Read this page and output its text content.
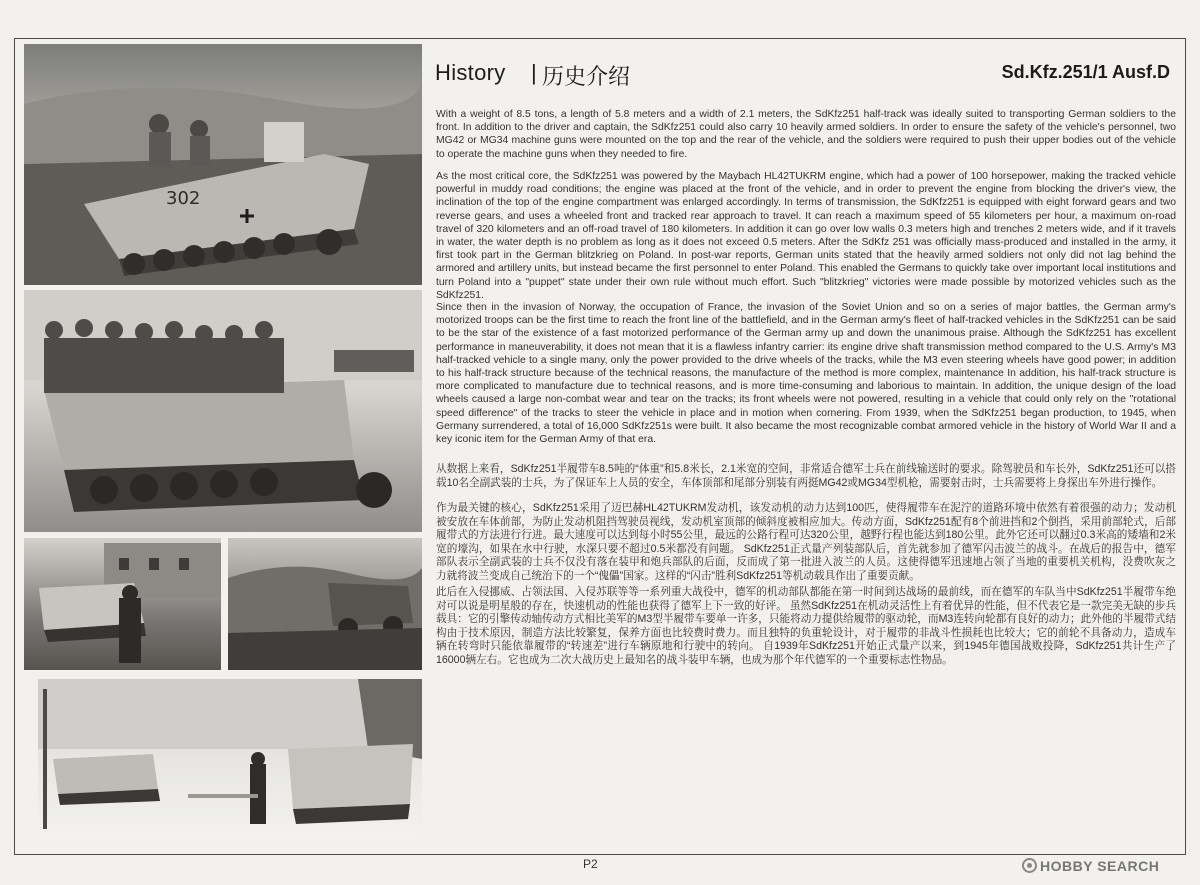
302
History | 历史介绍	Sd.Kfz.251/1 Ausf.D

With a weight of 8.5 tons, a length of 5.8 meters and a width of 2.1 meters, the SdKfz251 half-track was ideally suited to transporting German soldiers to the front. In addition to the driver and captain, the SdKfz251 could also carry 10 heavily armed soldiers. In order to ensure the safety of the vehicle's personnel, two MG42 or MG34 machine guns were mounted on the top and the rear of the vehicle, and the soldiers were required to push their upper bodies out of the vehicle to operate the machine guns when they needed to fire.

As the most critical core, the SdKfz251 was powered by the Maybach HL42TUKRM engine, which had a power of 100 horsepower, making the tracked vehicle powerful in muddy road conditions; the engine was placed at the front of the vehicle, and in order to prevent the engine from blocking the driver's view, the inclination of the top of the engine compartment was enlarged accordingly. In terms of transmission, the SdKfz251 is equipped with eight forward gears and two reverse gears, and uses a wheeled front and tracked rear approach to travel. It can reach a maximum speed of 55 kilometers per hour, a maximum on-road travel of 320 kilometers and an off-road travel of 180 kilometers. In addition it can go over low walls 0.3 meters high and trenches 2 meters wide, and if it travels in water, the water depth is no problem as long as it does not exceed 0.5 meters. After the SdKfz 251 was officially mass-produced and installed in the army, it first took part in the German blitzkrieg on Poland. In post-war reports, German units stated that the heavily armed soldiers not only did not lag behind the armored and artillery units, but instead became the first personnel to enter Poland. This enabled the Germans to quickly take over important local institutions and turn Poland into a "puppet" state under their own rule without much effort. Such "blitzkrieg" victories were made possible by motorized vehicles such as the SdKfz251.

Since then in the invasion of Norway, the occupation of France, the invasion of the Soviet Union and so on a series of major battles, the German army's motorized troops can be the first time to reach the front line of the battlefield, and in the German army's fleet of half-tracked vehicles in the SdKfz251 can be said to be the star of the existence of a fast motorized performance of the German army up and down the unanimous praise. Although the SdKfz251 has excellent performance in maneuverability, it does not mean that it is a flawless infantry carrier: its engine drive shaft transmission method compared to the U.S. Army's M3 half-tracked vehicle to a single many, only the power provided to the drive wheels of the tracks, while the M3 even steering wheels have good power; in addition to his half-track structure because of the technical reasons, the manufacture of the method is more complex, maintenance In addition, his half-track structure is more complicated to manufacture due to technical reasons, and is more time-consuming and laborious to maintain. In addition, the unique design of the load wheels caused a large non-combat wear and tear on the tracks; its front wheels were not powered, resulting in a vehicle that could only rely on the "rotational speed difference" of the tracks to steer the vehicle in place and in motion when cornering. From 1939, when the SdKfz251 began production, to 1945, when Germany surrendered, a total of 16,000 SdKfz251s were built. It also became the most recognizable combat armored vehicle in the history of World War II and a key iconic item for the German Army of that era.

从数据上来看，SdKfz251半履带车8.5吨的“体重”和5.8米长，2.1米宽的空间，非常适合德军士兵在前线输送时的要求。除驾驶员和车长外，SdKfz251还可以搭载10名全副武装的士兵，为了保证车上人员的安全，车体顶部和尾部分别装有两挺MG42或MG34型机枪，需要射击时，士兵需要将上身探出车外进行操作。

作为最关键的核心，SdKfz251采用了迈巴赫HL42TUKRM发动机，该发动机的动力达到100匹，使得履带车在泥泞的道路环境中依然有着很强的动力；发动机被安放在车体前部，为防止发动机阻挡驾驶员视线，发动机室顶部的倾斜度被相应加大。传动方面，SdKfz251配有8个前进挡和2个倒挡，采用前部轮式，后部履带式的方法进行行进。最大速度可以达到每小时55公里，最远的公路行程可达320公里，越野行程也能达到180公里。此外它还可以翻过0.3米高的矮墙和2米宽的壕沟，如果在水中行驶，水深只要不超过0.5米都没有问题。 SdKfz251正式量产列装部队后，首先就参加了德军闪击波兰的战斗。在战后的报告中，德军部队表示全副武装的士兵不仅没有落在装甲和炮兵部队的后面，反而成了第一批进入波兰的人员。这使得德军迅速地占领了当地的重要机关机构，没费吹灰之力就将波兰变成自己统治下的一个“傀儡”国家。这样的“闪击”胜利SdKfz251等机动载具作出了重要贡献。

此后在入侵挪威、占领法国、入侵苏联等等一系列重大战役中，德军的机动部队都能在第一时间到达战场的最前线，而在德军的车队当中SdKfz251半履带车绝对可以说是明星般的存在，快速机动的性能也获得了德军上下一致的好评。 虽然SdKfz251在机动灵活性上有着优异的性能，但不代表它是一款完美无缺的步兵载具：它的引擎传动轴传动方式相比美军的M3型半履带车要单一许多，只能将动力提供给履带的驱动轮，而M3连转向轮都有良好的动力；此外他的半履带式结构由于技术原因，制造方法比较繁复，保养方面也比较费时费力。而且独特的负重轮设计，对于履带的非战斗性损耗也比较大；它的前轮不具备动力，造成车辆在转弯时只能依靠履带的“转速差”进行车辆原地和行驶中的转向。 自1939年SdKfz251开始正式量产以来，到1945年德国战败投降，SdKfz251共计生产了16000辆左右。它也成为二次大战历史上最知名的战斗装甲车辆，也成为那个年代德军的一个重要标志性物品。

P2	HOBBY SEARCH
